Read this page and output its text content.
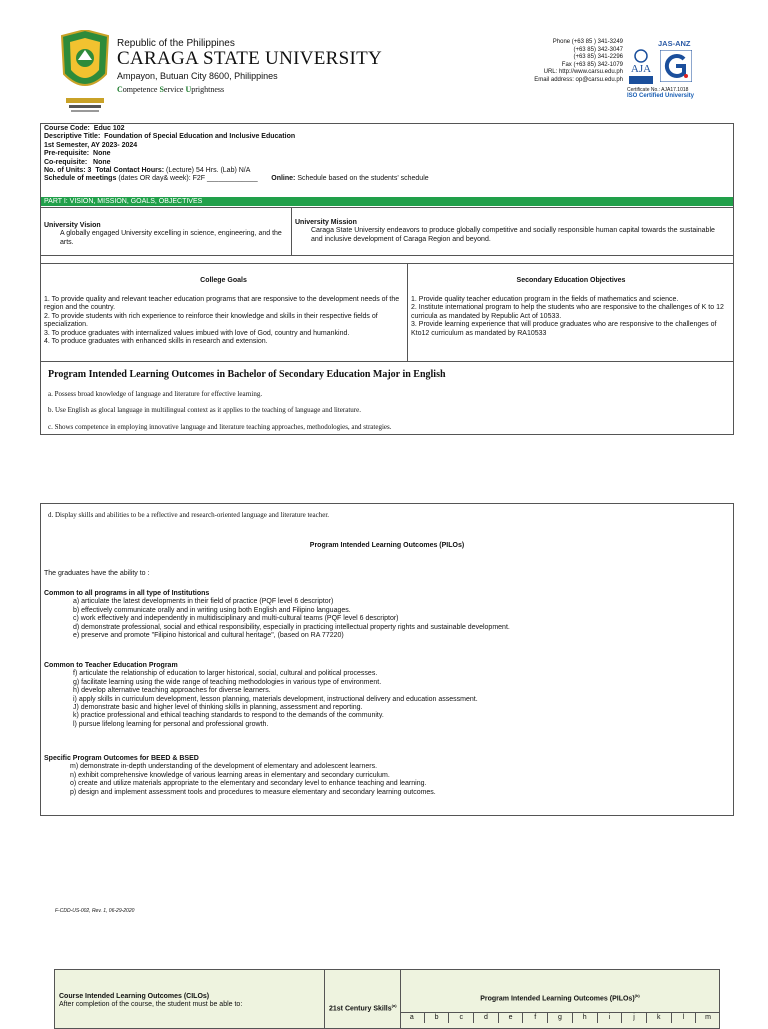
Republic of the Philippines
CARAGA STATE UNIVERSITY
Ampayon, Butuan City 8600, Philippines
Competence Service Uprightness
Phone (+63 85 ) 341-3249
(+63 85) 342-3047
(+63 85) 341-2296
Fax (+63 85) 342-1079
URL: http://www.carsu.edu.ph
Email address: op@carsu.edu.ph
JAS-ANZ
AJA
Certificate No.: AJA17.1018
ISO Certified University
Course Code: Educ 102
Descriptive Title: Foundation of Special Education and Inclusive Education
1st Semester, AY 2023- 2024
Pre-requisite: None
Co-requisite: None
No. of Units: 3 Total Contact Hours: (Lecture) 54 Hrs. (Lab) N/A
Schedule of meetings (dates OR day& week): F2F _____________ Online: Schedule based on the students' schedule
PART I: VISION, MISSION, GOALS, OBJECTIVES
University Vision
A globally engaged University excelling in science, engineering, and the arts.
University Mission
Caraga State University endeavors to produce globally competitive and socially responsible human capital towards the sustainable and inclusive development of Caraga Region and beyond.
College Goals	Secondary Education Objectives
1. To provide quality and relevant teacher education programs that are responsive to the development needs of the region and the country.
2. To provide students with rich experience to reinforce their knowledge and skills in their respective fields of specialization.
3. To produce graduates with internalized values imbued with love of God, country and humankind.
4. To produce graduates with enhanced skills in research and extension.
1. Provide quality teacher education program in the fields of mathematics and science.
2. Institute international program to help the students who are responsive to the challenges of K to 12 curricula as mandated by Republic Act of 10533.
3. Provide learning experience that will produce graduates who are responsive to the challenges of Kto12 curriculum as mandated by RA10533
Program Intended Learning Outcomes in Bachelor of Secondary Education Major in English
a. Possess broad knowledge of language and literature for effective learning.
b. Use English as glocal language in multilingual context as it applies to the teaching of language and literature.
c. Shows competence in employing innovative language and literature teaching approaches, methodologies, and strategies.
d. Display skills and abilities to be a reflective and research-oriented language and literature teacher.
Program Intended Learning Outcomes (PILOs)
The graduates have the ability to :
Common to all programs in all type of Institutions
a) articulate the latest developments in their field of practice (PQF level 6 descriptor)
b) effectively communicate orally and in writing using both English and Filipino languages.
c) work effectively and independently in multidisciplinary and multi-cultural teams (PQF level 6 descriptor)
d) demonstrate professional, social and ethical responsibility, especially in practicing intellectual property rights and sustainable development.
e) preserve and promote "Filipino historical and cultural heritage", (based on RA 77220)
Common to Teacher Education Program
f) articulate the relationship of education to larger historical, social, cultural and political processes.
g) facilitate learning using the wide range of teaching methodologies in various type of environment.
h) develop alternative teaching approaches for diverse learners.
i) apply skills in curriculum development, lesson planning, materials development, instructional delivery and education assessment.
J) demonstrate basic and higher level of thinking skills in planning, assessment and reporting.
k) practice professional and ethical teaching standards to respond to the demands of the community.
l) pursue lifelong learning for personal and professional growth.
Specific Program Outcomes for BEED & BSED
m) demonstrate in-depth understanding of the development of elementary and adolescent learners.
n) exhibit comprehensive knowledge of various learning areas in elementary and secondary curriculum.
o) create and utilize materials appropriate to the elementary and secondary level to enhance teaching and learning.
p) design and implement assessment tools and procedures to measure elementary and secondary learning outcomes.
F-CDD-US-002, Rev. 1, 06-29-2020
Course Intended Learning Outcomes (CILOs)
After completion of the course, the student must be able to:
21st Century Skills$^{(a)}$
Program Intended Learning Outcomes (PILOs)$^{(b)}$
a	b	c	d	e	f	g	h	i	j	k	l	m
